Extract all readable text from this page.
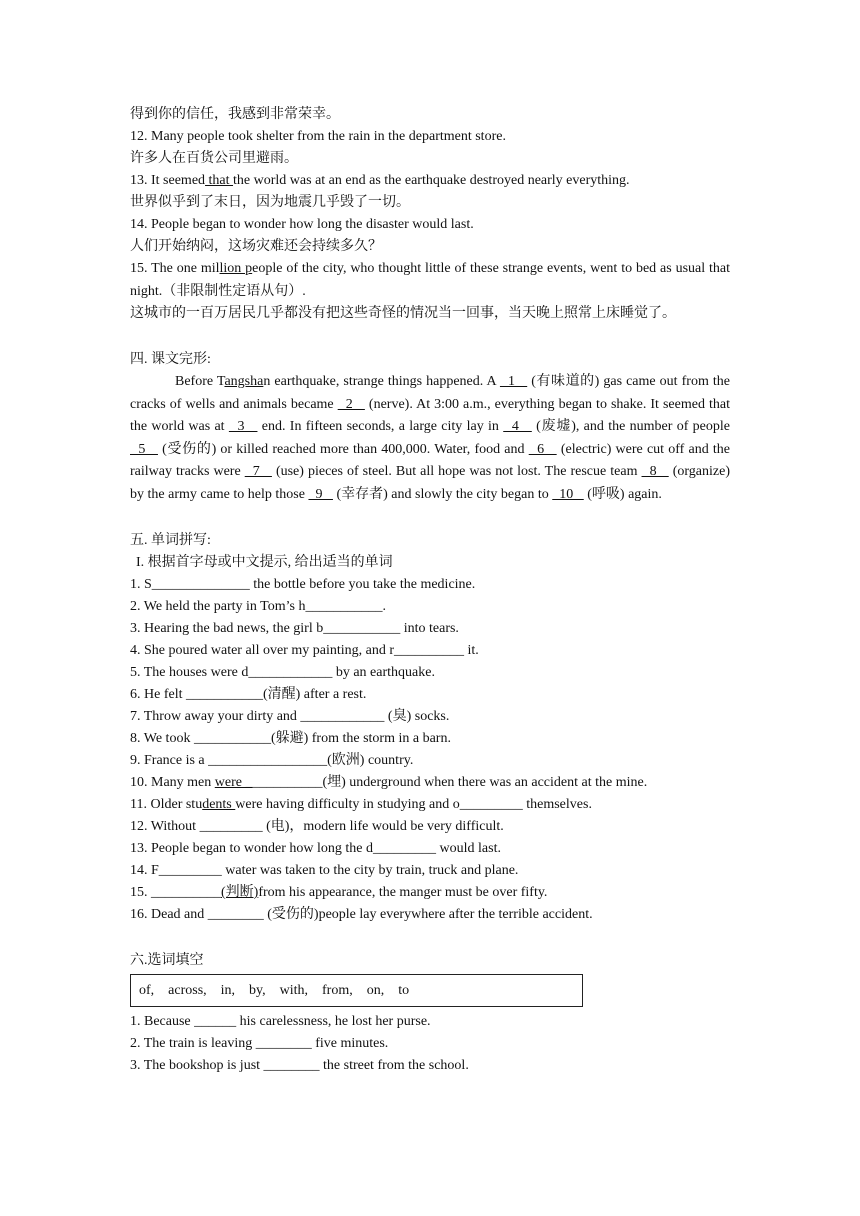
得到你的信任，我感到非常荣幸。
12. Many people took shelter from the rain in the department store.
许多人在百货公司里避雨。
13. It seemed that the world was at an end as the earthquake destroyed nearly everything.
世界似乎到了末日，因为地震几乎毁了一切。
14. People began to wonder how long the disaster would last.
人们开始纳闷，这场灾难还会持续多久？
15. The one million people of the city, who thought little of these strange events, went to bed as usual that night.（非限制性定语从句）.
这城市的一百万居民几乎都没有把这些奇怪的情况当一回事，当天晚上照常上床睡觉了。
四. 课文完形:
Before Tangshan earthquake, strange things happened. A   1    (有味道的) gas came out from the cracks of wells and animals became   2    (nerve). At 3:00 a.m., everything began to shake. It seemed that the world was at   3    end. In fifteen seconds, a large city lay in   4    (废墟), and the number of people   5    (受伤的) or killed reached more than 400,000. Water, food and   6    (electric) were cut off and the railway tracks were   7    (use) pieces of steel. But all hope was not lost. The rescue team   8    (organize) by the army came to help those   9    (幸存者) and slowly the city began to   10    (呼吸) again.
五. 单词拼写:
I. 根据首字母或中文提示, 给出适当的单词
1. S______________ the bottle before you take the medicine.
2. We held the party in Tom’s h___________.
3. Hearing the bad news, the girl b___________ into tears.
4. She poured water all over my painting, and r__________ it.
5. The houses were d____________ by an earthquake.
6. He felt ___________(清醒) after a rest.
7. Throw away your dirty and ____________ (臭) socks.
8. We took ___________(躲避) from the storm in a barn.
9. France is a _________________(欧洲) country.
10. Many men were ___________(埋) underground when there was an accident at the mine.
11. Older students were having difficulty in studying and o_________ themselves.
12. Without _________ (电)，modern life would be very difficult.
13. People began to wonder how long the d_________ would last.
14. F_________ water was taken to the city by train, truck and plane.
15. __________(判断)from his appearance, the manger must be over fifty.
16. Dead and ________ (受伤的)people lay everywhere after the terrible accident.
六.选词填空
of,    across,    in,    by,    with,    from,    on,    to
1. Because ______ his carelessness, he lost her purse.
2. The train is leaving ________ five minutes.
3. The bookshop is just ________ the street from the school.
